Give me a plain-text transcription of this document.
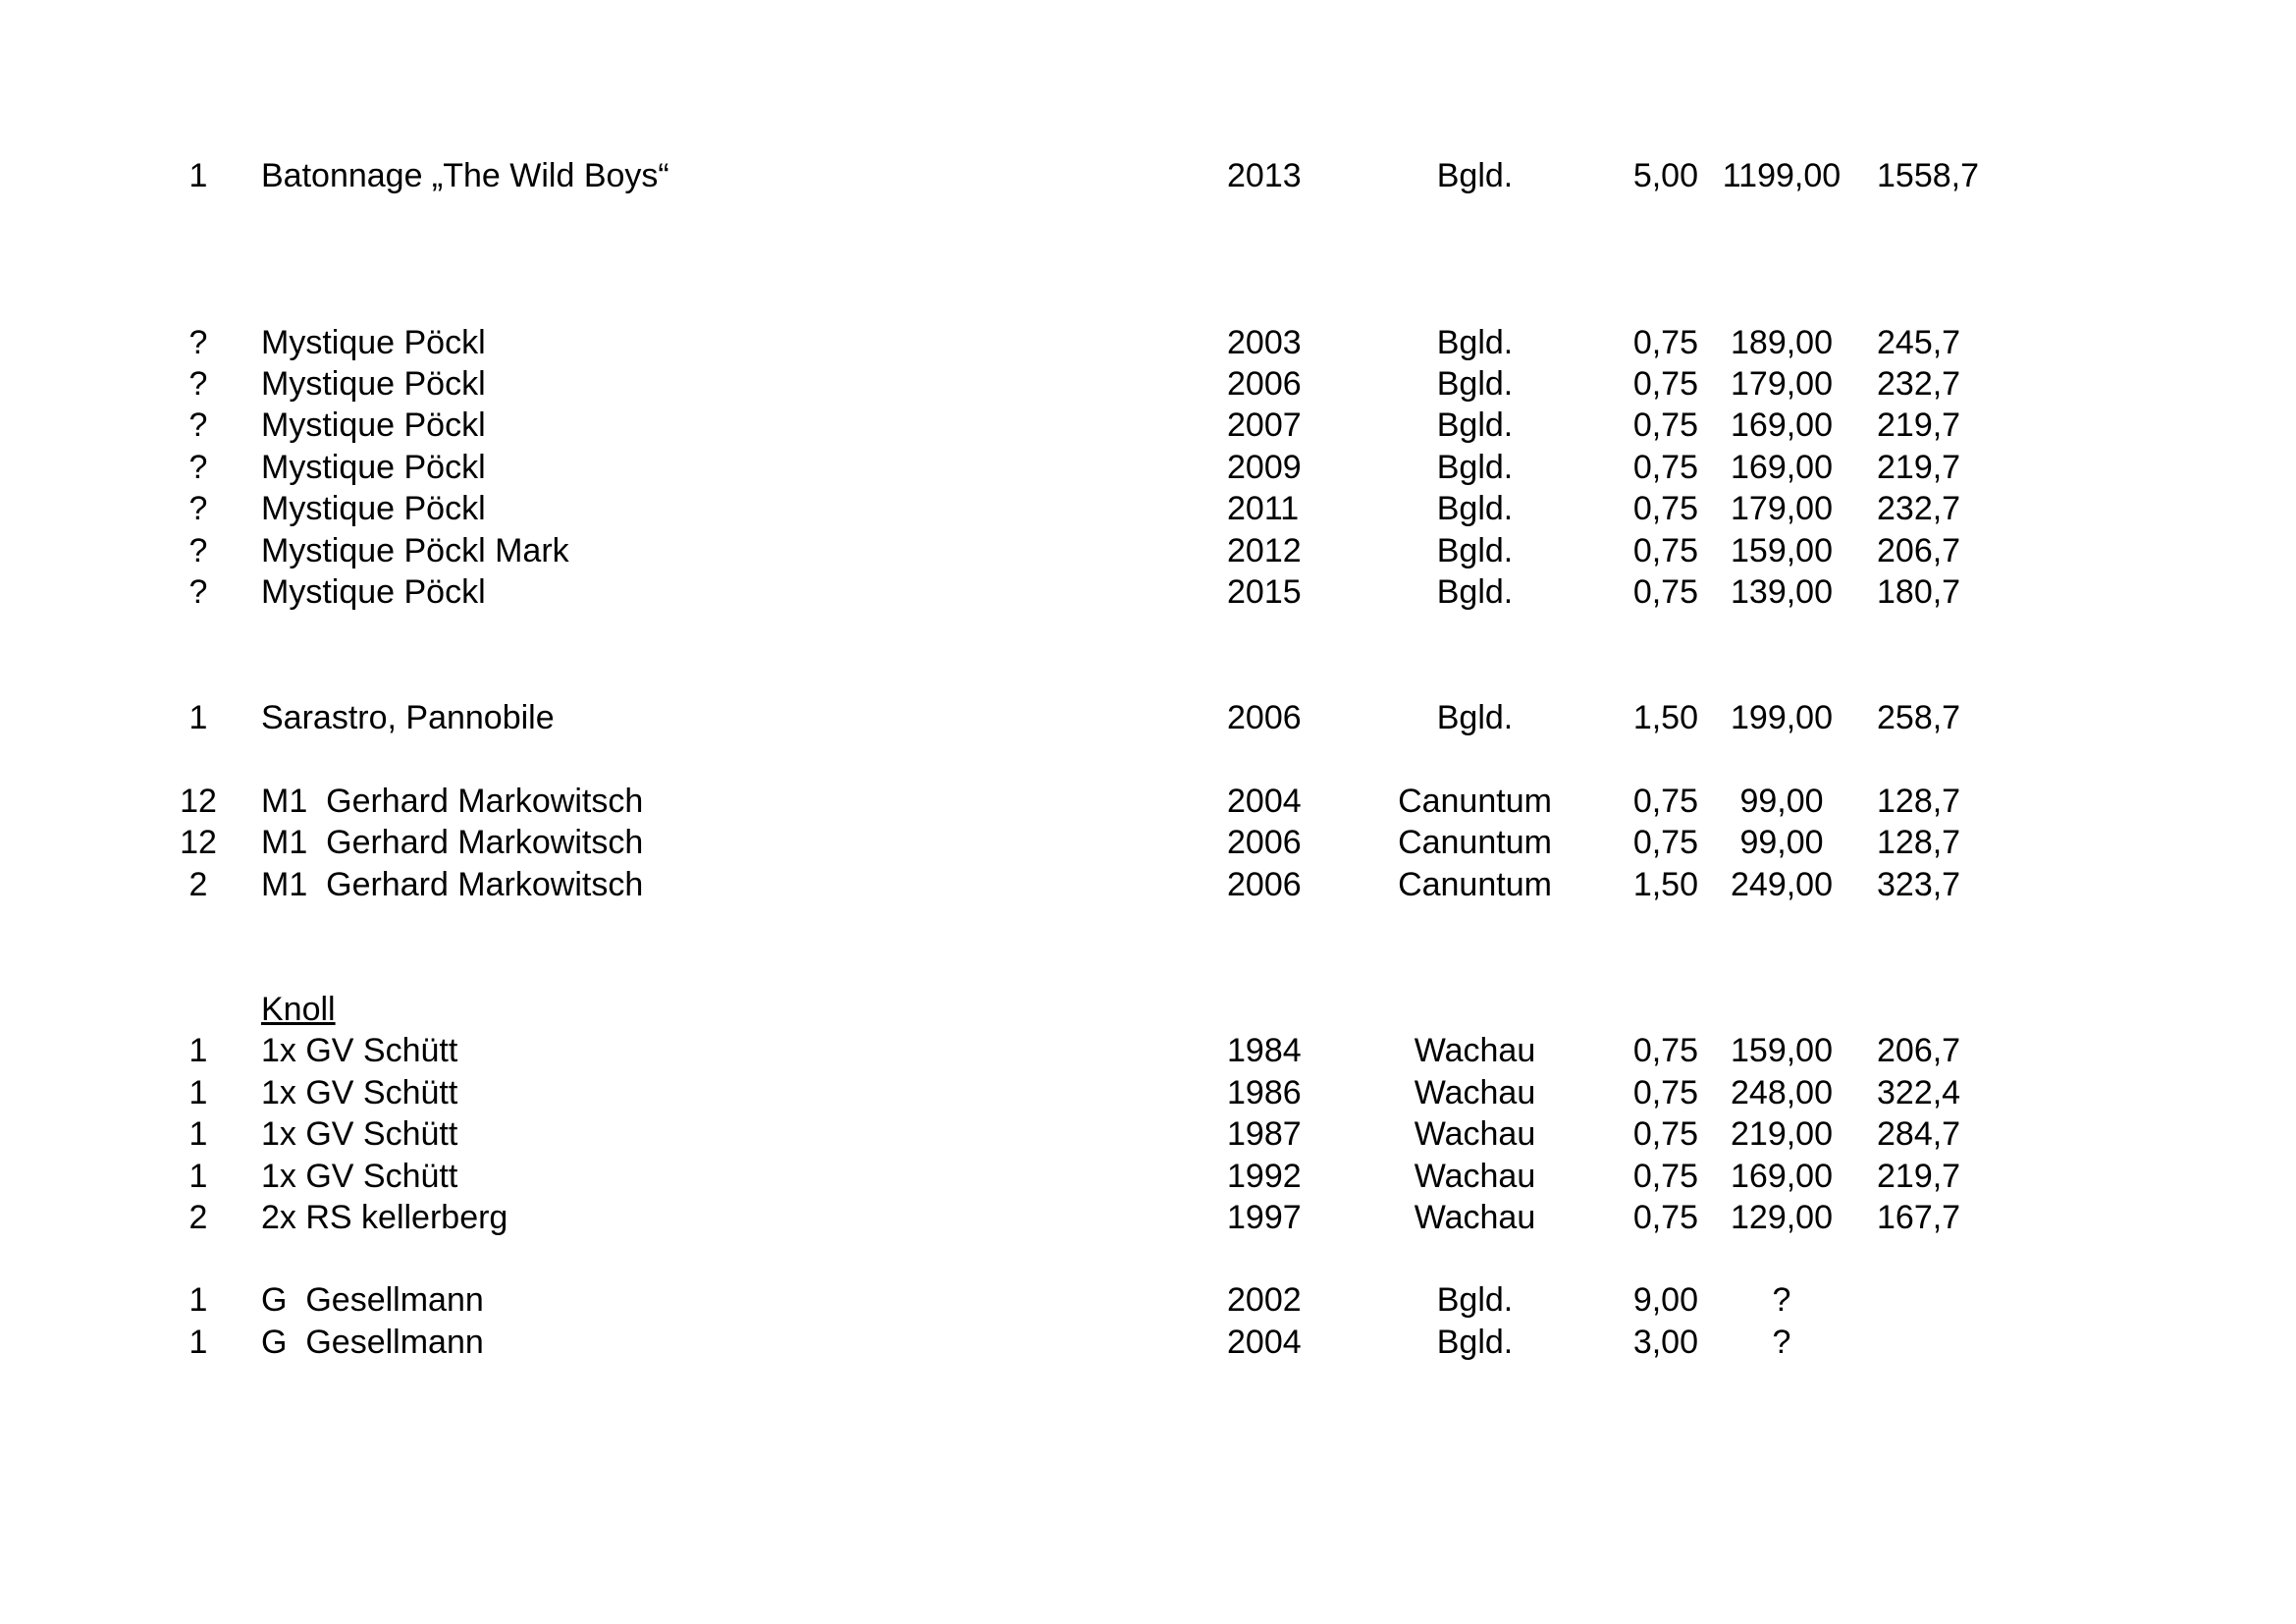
1	Batonnage „The Wild Boys“	2013	Bgld.	5,00 1199,00	1558,7
?	Mystique Pöckl	2003	Bgld.	0,75 189,00	245,7
?	Mystique Pöckl	2006	Bgld.	0,75 179,00	232,7
?	Mystique Pöckl	2007	Bgld.	0,75 169,00	219,7
?	Mystique Pöckl	2009	Bgld.	0,75 169,00	219,7
?	Mystique Pöckl	2011	Bgld.	0,75 179,00	232,7
?	Mystique Pöckl Mark	2012	Bgld.	0,75 159,00	206,7
?	Mystique Pöckl	2015	Bgld.	0,75 139,00	180,7
1	Sarastro, Pannobile	2006	Bgld.	1,50 199,00	258,7
12	M1  Gerhard Markowitsch	2004	Canuntum	0,75	99,00	128,7
12	M1  Gerhard Markowitsch	2006	Canuntum	0,75	99,00	128,7
2	M1  Gerhard Markowitsch	2006	Canuntum	1,50 249,00	323,7
Knoll
1	1x GV Schütt	1984	Wachau	0,75 159,00	206,7
1	1x GV Schütt	1986	Wachau	0,75 248,00	322,4
1	1x GV Schütt	1987	Wachau	0,75 219,00	284,7
1	1x GV Schütt	1992	Wachau	0,75 169,00	219,7
2	2x RS kellerberg	1997	Wachau	0,75 129,00	167,7
1	G  Gesellmann	2002	Bgld.	9,00	?
1	G  Gesellmann	2004	Bgld.	3,00	?
